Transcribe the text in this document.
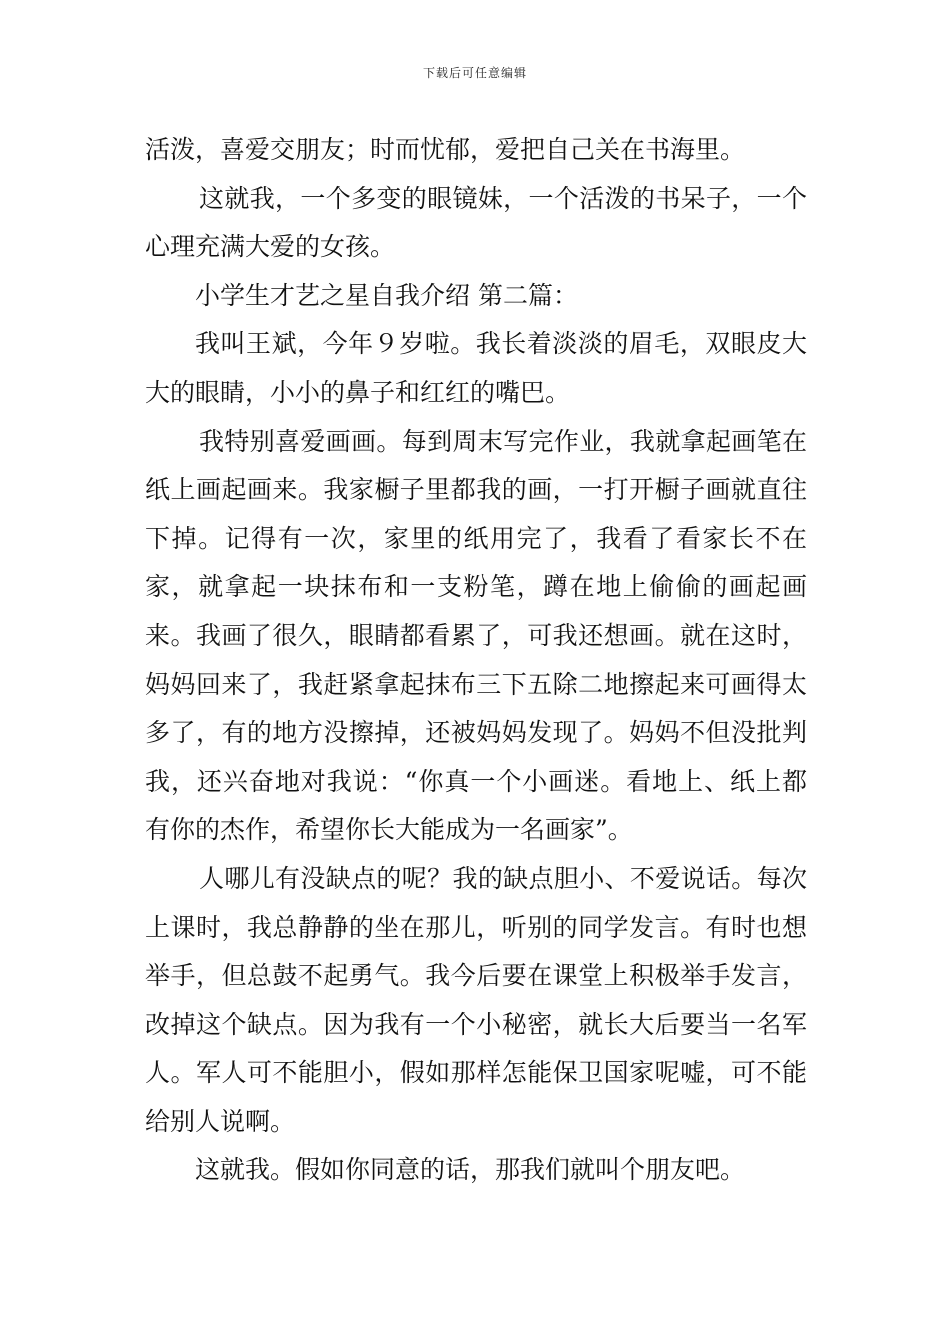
下载后可任意编辑

活泼，喜爱交朋友；时而忧郁，爱把自己关在书海里。

这就我，一个多变的眼镜妹，一个活泼的书呆子，一个心理充满大爱的女孩。

小学生才艺之星自我介绍 第二篇：

我叫王斌，今年９岁啦。我长着淡淡的眉毛，双眼皮大大的眼睛，小小的鼻子和红红的嘴巴。

我特别喜爱画画。每到周末写完作业，我就拿起画笔在纸上画起画来。我家橱子里都我的画，一打开橱子画就直往下掉。记得有一次，家里的纸用完了，我看了看家长不在家，就拿起一块抹布和一支粉笔，蹲在地上偷偷的画起画来。我画了很久，眼睛都看累了，可我还想画。就在这时，妈妈回来了，我赶紧拿起抹布三下五除二地擦起来可画得太多了，有的地方没擦掉，还被妈妈发现了。妈妈不但没批判我，还兴奋地对我说：“你真一个小画迷。看地上、纸上都有你的杰作，希望你长大能成为一名画家”。

人哪儿有没缺点的呢？我的缺点胆小、不爱说话。每次上课时，我总静静的坐在那儿，听别的同学发言。有时也想举手，但总鼓不起勇气。我今后要在课堂上积极举手发言，改掉这个缺点。因为我有一个小秘密，就长大后要当一名军人。军人可不能胆小，假如那样怎能保卫国家呢嘘，可不能给别人说啊。

这就我。假如你同意的话，那我们就叫个朋友吧。
